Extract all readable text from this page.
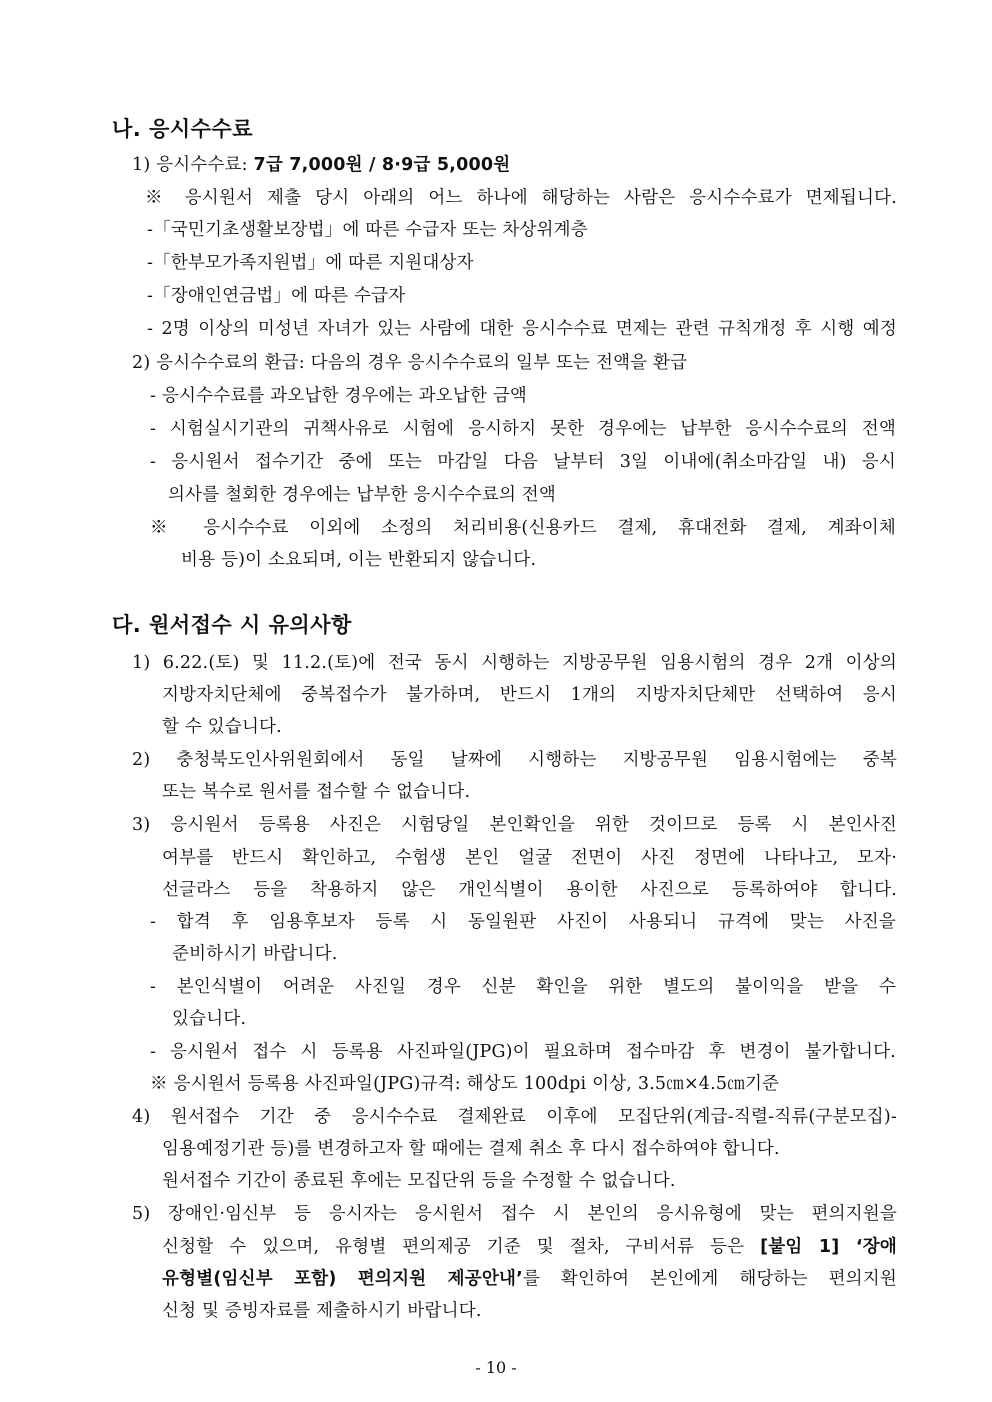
나. 응시수수료
1) 응시수수료: 7급 7,000원 / 8·9급 5,000원
※ 응시원서 제출 당시 아래의 어느 하나에 해당하는 사람은 응시수수료가 면제됩니다.
-「국민기초생활보장법」에 따른 수급자 또는 차상위계층
-「한부모가족지원법」에 따른 지원대상자
-「장애인연금법」에 따른 수급자
- 2명 이상의 미성년 자녀가 있는 사람에 대한 응시수수료 면제는 관련 규칙개정 후 시행 예정
2) 응시수수료의 환급: 다음의 경우 응시수수료의 일부 또는 전액을 환급
- 응시수수료를 과오납한 경우에는 과오납한 금액
- 시험실시기관의 귀책사유로 시험에 응시하지 못한 경우에는 납부한 응시수수료의 전액
- 응시원서 접수기간 중에 또는 마감일 다음 날부터 3일 이내에(취소마감일 내) 응시
의사를 철회한 경우에는 납부한 응시수수료의 전액
※ 응시수수료 이외에 소정의 처리비용(신용카드 결제, 휴대전화 결제, 계좌이체
비용 등)이 소요되며, 이는 반환되지 않습니다.
다. 원서접수 시 유의사항
1) 6.22.(토) 및 11.2.(토)에 전국 동시 시행하는 지방공무원 임용시험의 경우 2개 이상의
지방자치단체에 중복접수가 불가하며, 반드시 1개의 지방자치단체만 선택하여 응시
할 수 있습니다.
2) 충청북도인사위원회에서 동일 날짜에 시행하는 지방공무원 임용시험에는 중복
또는 복수로 원서를 접수할 수 없습니다.
3) 응시원서 등록용 사진은 시험당일 본인확인을 위한 것이므로 등록 시 본인사진
여부를 반드시 확인하고, 수험생 본인 얼굴 전면이 사진 정면에 나타나고, 모자·
선글라스 등을 착용하지 않은 개인식별이 용이한 사진으로 등록하여야 합니다.
- 합격 후 임용후보자 등록 시 동일원판 사진이 사용되니 규격에 맞는 사진을
준비하시기 바랍니다.
- 본인식별이 어려운 사진일 경우 신분 확인을 위한 별도의 불이익을 받을 수
있습니다.
- 응시원서 접수 시 등록용 사진파일(JPG)이 필요하며 접수마감 후 변경이 불가합니다.
※ 응시원서 등록용 사진파일(JPG)규격: 해상도 100dpi 이상, 3.5㎝×4.5㎝기준
4) 원서접수 기간 중 응시수수료 결제완료 이후에 모집단위(계급-직렬-직류(구분모집)-
임용예정기관 등)를 변경하고자 할 때에는 결제 취소 후 다시 접수하여야 합니다.
원서접수 기간이 종료된 후에는 모집단위 등을 수정할 수 없습니다.
5) 장애인·임신부 등 응시자는 응시원서 접수 시 본인의 응시유형에 맞는 편의지원을
신청할 수 있으며, 유형별 편의제공 기준 및 절차, 구비서류 등은 [붙임 1] ‘장애
유형별(임신부 포함) 편의지원 제공안내’를 확인하여 본인에게 해당하는 편의지원
신청 및 증빙자료를 제출하시기 바랍니다.
- 10 -
